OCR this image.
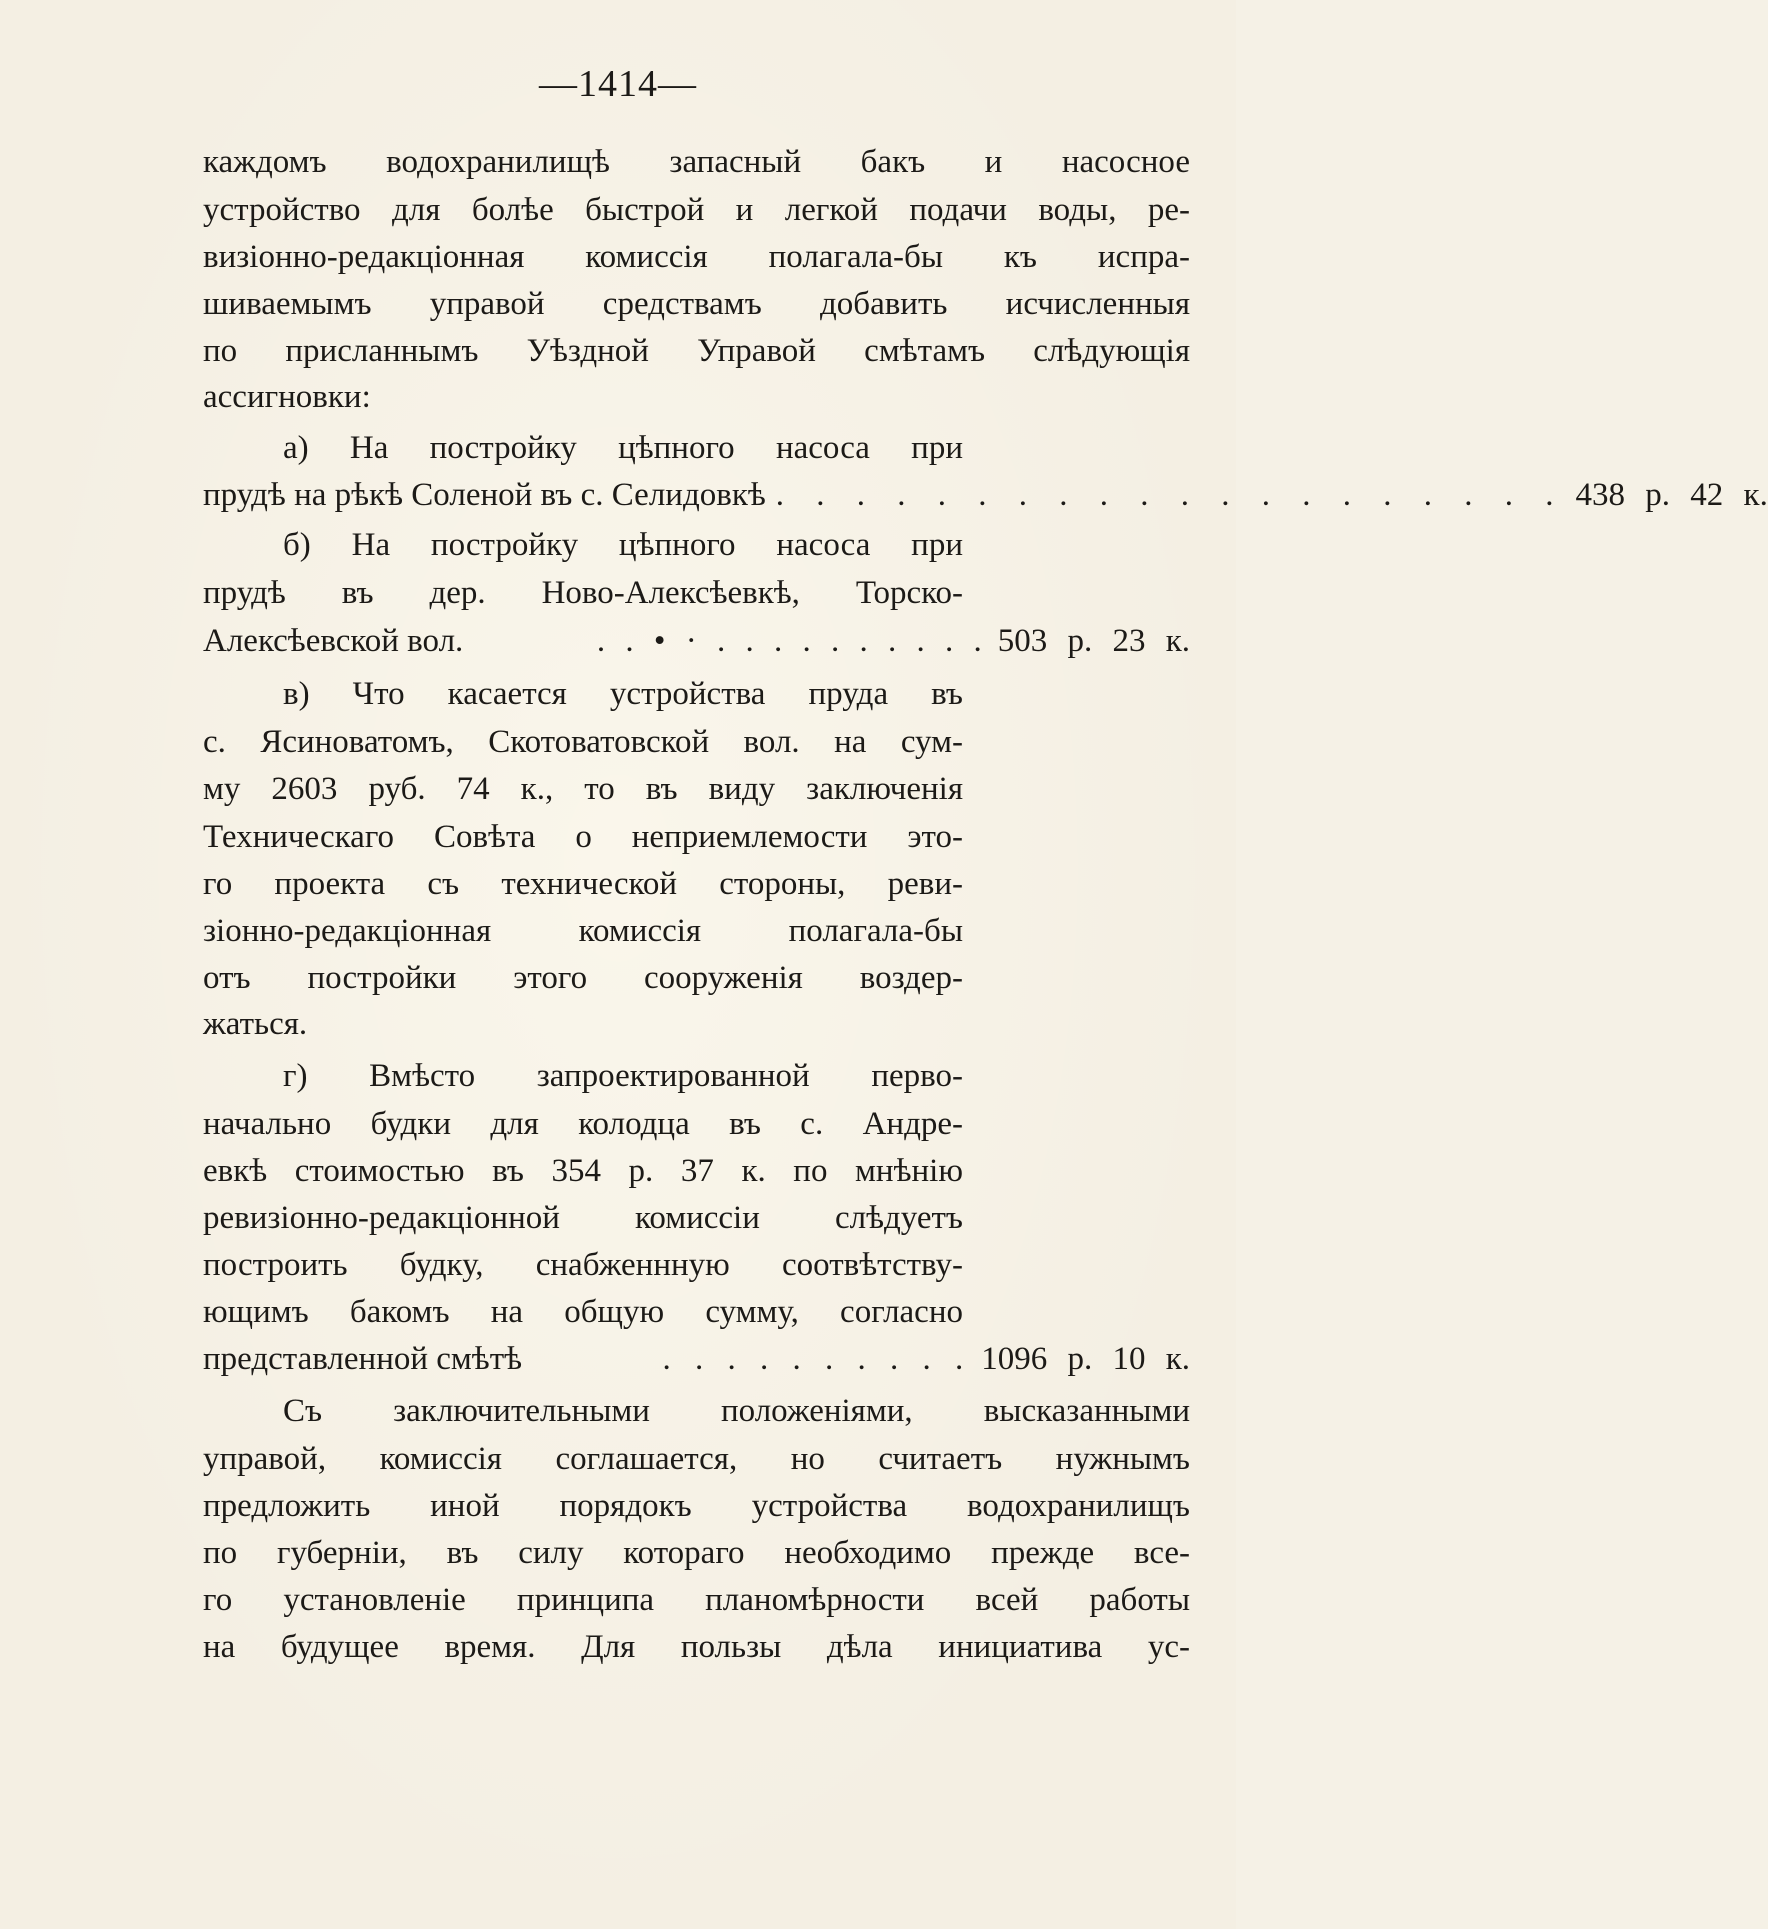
—1414—
каждомъ водохранилищѣ запасный бакъ и насосное
устройство для болѣе быстрой и легкой подачи воды, ре-
визіонно-редакціонная комиссія полагала-бы къ испра-
шиваемымъ управой средствамъ добавить исчисленныя
по присланнымъ Уѣздной Управой смѣтамъ слѣдующія
ассигновки:
а) На постройку цѣпного насоса при
прудѣ на рѣкѣ Соленой въ с. Селидовкѣ . . . . . . . . . . . . . . . . . . . . 438 р. 42 к.
б) На постройку цѣпного насоса при
прудѣ въ дер. Ново-Алексѣевкѣ, Торско-
Алексѣевской вол.	. . • · . . . . . . . . . . 503 р. 23 к.
в) Что касается устройства пруда въ
с. Ясиноватомъ, Скотоватовской вол. на сум-
му 2603 руб. 74 к., то въ виду заключенія
Техническаго Совѣта о неприемлемости это-
го проекта съ технической стороны, реви-
зіонно-редакціонная комиссія полагала-бы
отъ постройки этого сооруженія воздер-
жаться.
г) Вмѣсто запроектированной перво-
начально будки для колодца въ с. Андре-
евкѣ стоимостью въ 354 р. 37 к. по мнѣнію
ревизіонно-редакціонной комиссіи слѣдуетъ
построить будку, снабженнную соотвѣтству-
ющимъ бакомъ на общую сумму, согласно
представленной смѣтѣ	. . . . . . . . . . 1096 р. 10 к.
Съ заключительными положеніями, высказанными
управой, комиссія соглашается, но считаетъ нужнымъ
предложить иной порядокъ устройства водохранилищъ
по губерніи, въ силу котораго необходимо прежде все-
го установленіе принципа планомѣрности всей работы
на будущее время. Для пользы дѣла инициатива ус-
